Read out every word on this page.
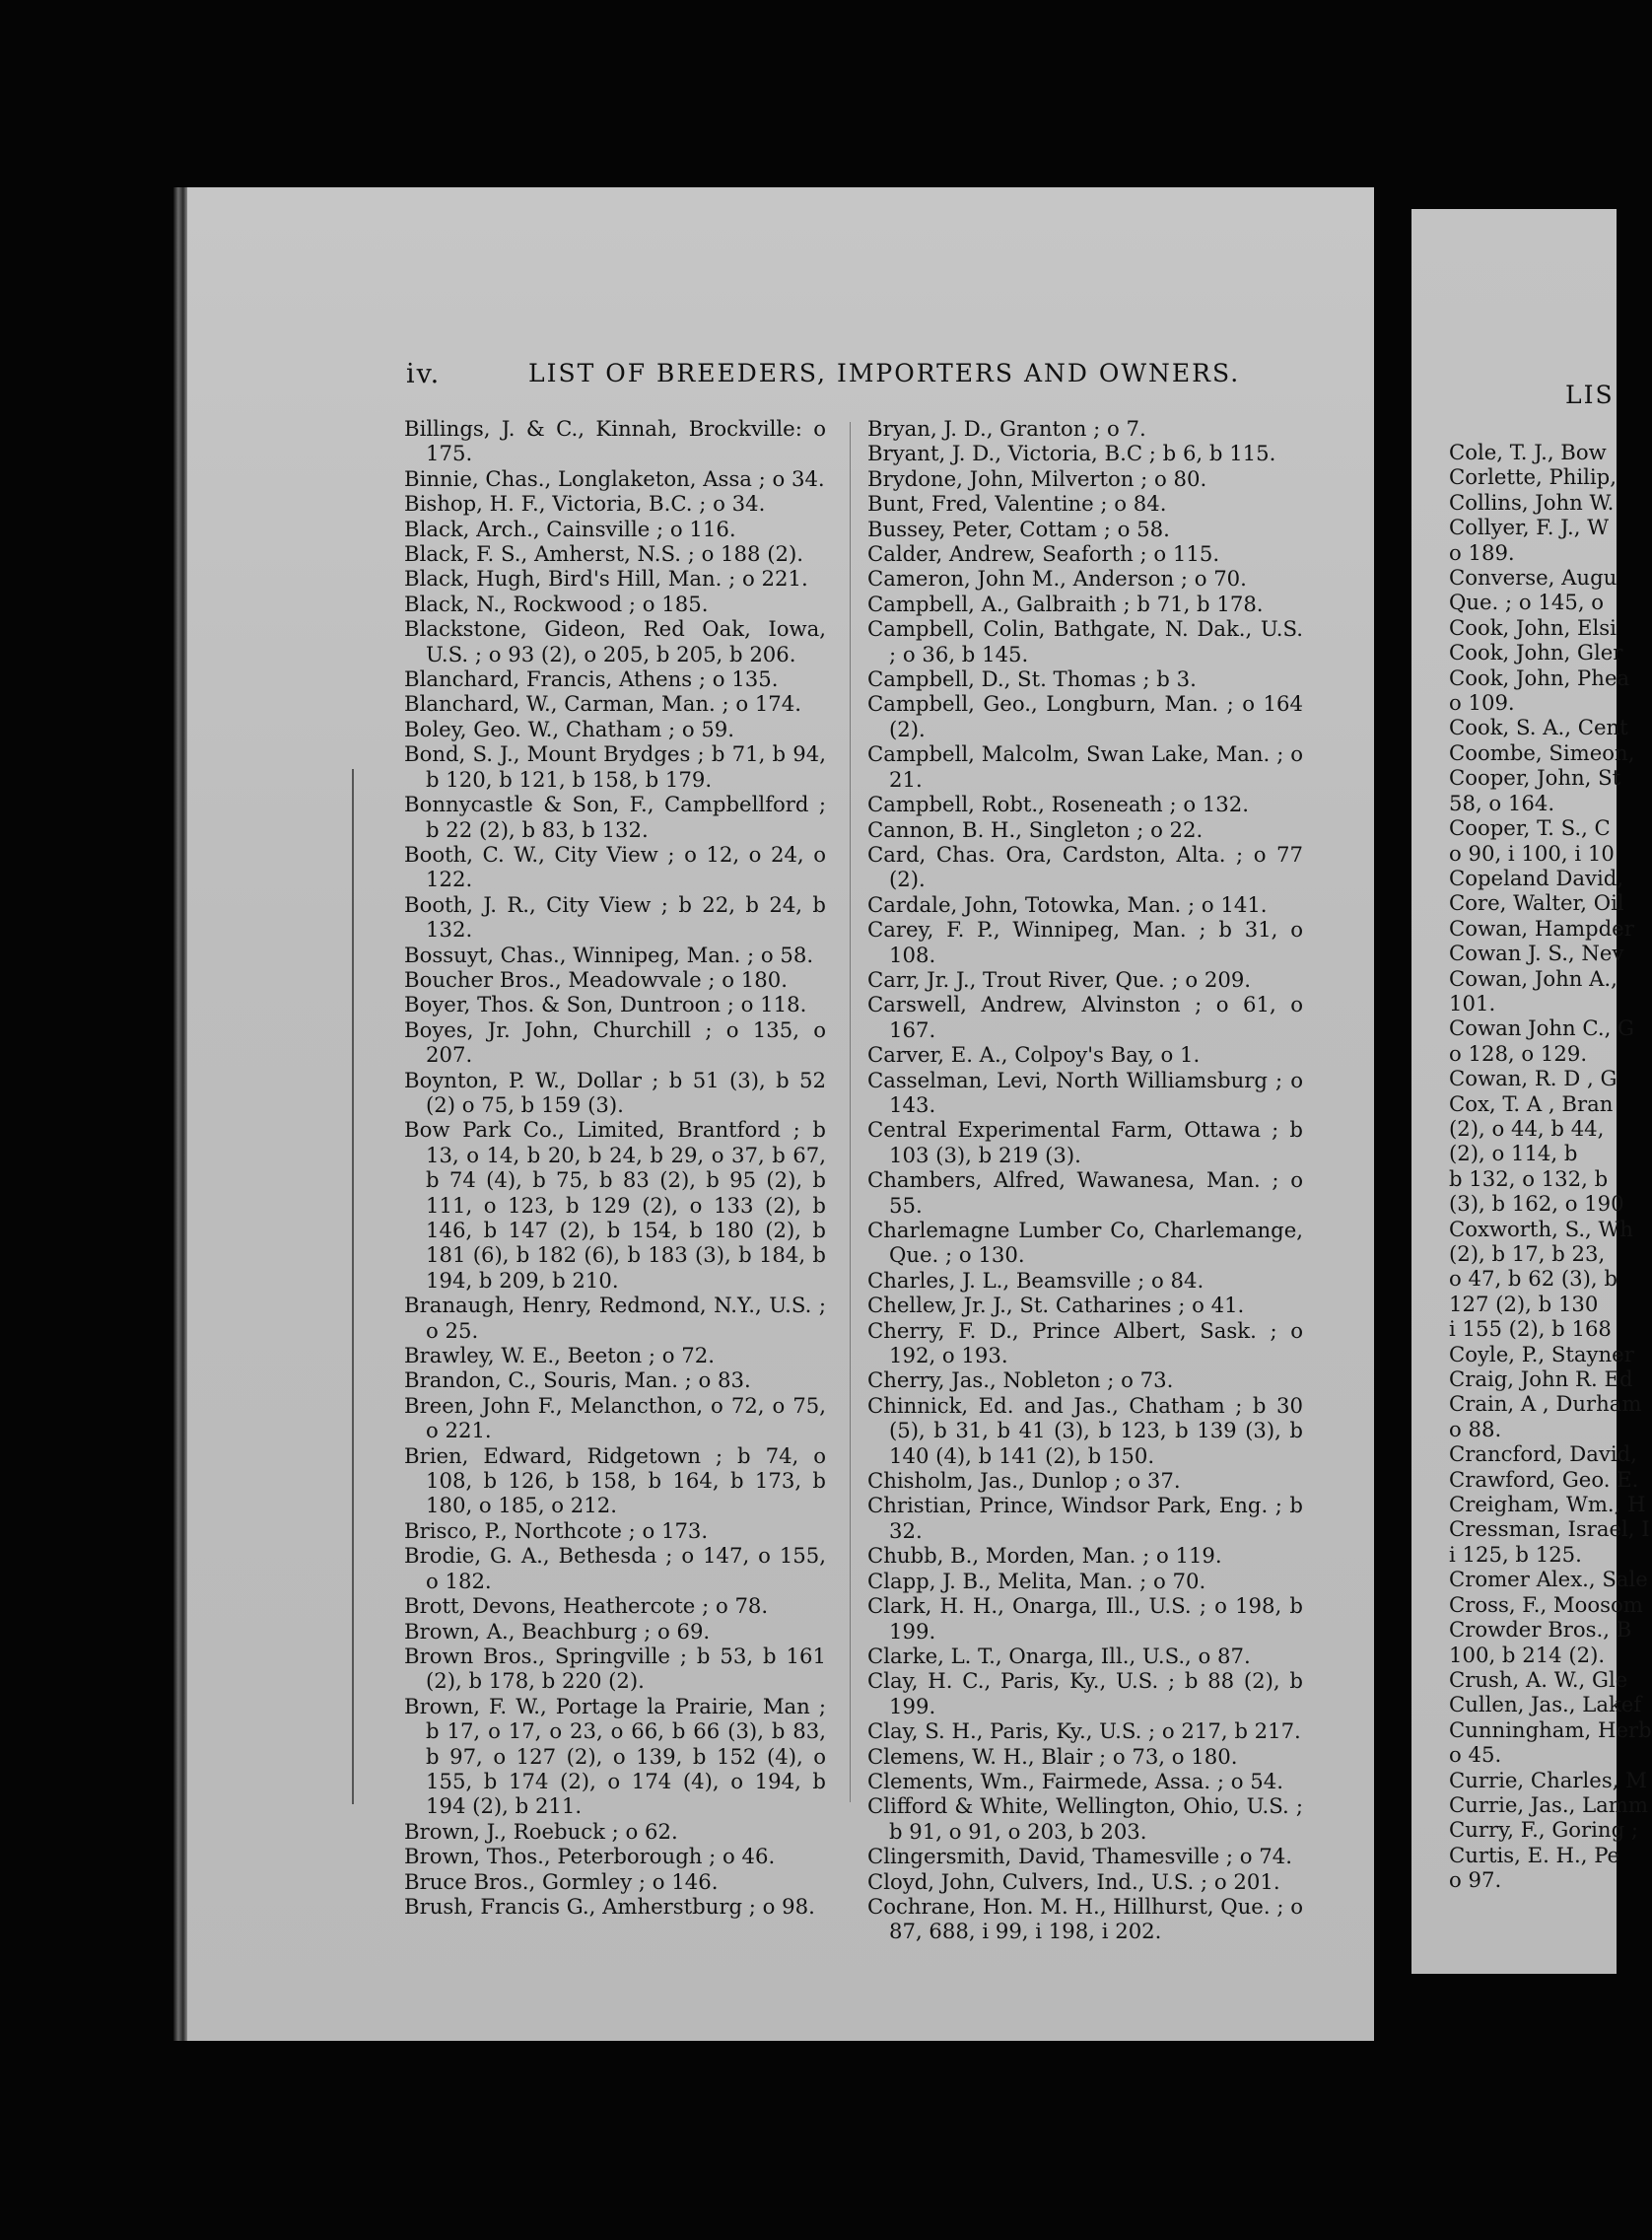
iv.	LIST OF BREEDERS, IMPORTERS AND OWNERS.

Billings, J. & C., Kinnah, Brockville: o 175.

Binnie, Chas., Longlaketon, Assa ; o 34.

Bishop, H. F., Victoria, B.C. ; o 34.

Black, Arch., Cainsville ; o 116.

Black, F. S., Amherst, N.S. ; o 188 (2).

Black, Hugh, Bird's Hill, Man. ; o 221.

Black, N., Rockwood ; o 185.

Blackstone, Gideon, Red Oak, Iowa, U.S. ; o 93 (2), o 205, b 205, b 206.

Blanchard, Francis, Athens ; o 135.

Blanchard, W., Carman, Man. ; o 174.

Boley, Geo. W., Chatham ; o 59.

Bond, S. J., Mount Brydges ; b 71, b 94, b 120, b 121, b 158, b 179.

Bonnycastle & Son, F., Campbellford ; b 22 (2), b 83, b 132.

Booth, C. W., City View ; o 12, o 24, o 122.

Booth, J. R., City View ; b 22, b 24, b 132.

Bossuyt, Chas., Winnipeg, Man. ; o 58.

Boucher Bros., Meadowvale ; o 180.

Boyer, Thos. & Son, Duntroon ; o 118.

Boyes, Jr. John, Churchill ; o 135, o 207.

Boynton, P. W., Dollar ; b 51 (3), b 52 (2) o 75, b 159 (3).

Bow Park Co., Limited, Brantford ; b 13, o 14, b 20, b 24, b 29, o 37, b 67, b 74 (4), b 75, b 83 (2), b 95 (2), b 111, o 123, b 129 (2), o 133 (2), b 146, b 147 (2), b 154, b 180 (2), b 181 (6), b 182 (6), b 183 (3), b 184, b 194, b 209, b 210.

Branaugh, Henry, Redmond, N.Y., U.S. ; o 25.

Brawley, W. E., Beeton ; o 72.

Brandon, C., Souris, Man. ; o 83.

Breen, John F., Melancthon, o 72, o 75, o 221.

Brien, Edward, Ridgetown ; b 74, o 108, b 126, b 158, b 164, b 173, b 180, o 185, o 212.

Brisco, P., Northcote ; o 173.

Brodie, G. A., Bethesda ; o 147, o 155, o 182.

Brott, Devons, Heathercote ; o 78.

Brown, A., Beachburg ; o 69.

Brown Bros., Springville ; b 53, b 161 (2), b 178, b 220 (2).

Brown, F. W., Portage la Prairie, Man ; b 17, o 17, o 23, o 66, b 66 (3), b 83, b 97, o 127 (2), o 139, b 152 (4), o 155, b 174 (2), o 174 (4), o 194, b 194 (2), b 211.

Brown, J., Roebuck ; o 62.

Brown, Thos., Peterborough ; o 46.

Bruce Bros., Gormley ; o 146.

Brush, Francis G., Amherstburg ; o 98.

Bryan, J. D., Granton ; o 7.

Bryant, J. D., Victoria, B.C ; b 6, b 115.

Brydone, John, Milverton ; o 80.

Bunt, Fred, Valentine ; o 84.

Bussey, Peter, Cottam ; o 58.

Calder, Andrew, Seaforth ; o 115.

Cameron, John M., Anderson ; o 70.

Campbell, A., Galbraith ; b 71, b 178.

Campbell, Colin, Bathgate, N. Dak., U.S. ; o 36, b 145.

Campbell, D., St. Thomas ; b 3.

Campbell, Geo., Longburn, Man. ; o 164 (2).

Campbell, Malcolm, Swan Lake, Man. ; o 21.

Campbell, Robt., Roseneath ; o 132.

Cannon, B. H., Singleton ; o 22.

Card, Chas. Ora, Cardston, Alta. ; o 77 (2).

Cardale, John, Totowka, Man. ; o 141.

Carey, F. P., Winnipeg, Man. ; b 31, o 108.

Carr, Jr. J., Trout River, Que. ; o 209.

Carswell, Andrew, Alvinston ; o 61, o 167.

Carver, E. A., Colpoy's Bay, o 1.

Casselman, Levi, North Williamsburg ; o 143.

Central Experimental Farm, Ottawa ; b 103 (3), b 219 (3).

Chambers, Alfred, Wawanesa, Man. ; o 55.

Charlemagne Lumber Co, Charlemange, Que. ; o 130.

Charles, J. L., Beamsville ; o 84.

Chellew, Jr. J., St. Catharines ; o 41.

Cherry, F. D., Prince Albert, Sask. ; o 192, o 193.

Cherry, Jas., Nobleton ; o 73.

Chinnick, Ed. and Jas., Chatham ; b 30 (5), b 31, b 41 (3), b 123, b 139 (3), b 140 (4), b 141 (2), b 150.

Chisholm, Jas., Dunlop ; o 37.

Christian, Prince, Windsor Park, Eng. ; b 32.

Chubb, B., Morden, Man. ; o 119.

Clapp, J. B., Melita, Man. ; o 70.

Clark, H. H., Onarga, Ill., U.S. ; o 198, b 199.

Clarke, L. T., Onarga, Ill., U.S., o 87.

Clay, H. C., Paris, Ky., U.S. ; b 88 (2), b 199.

Clay, S. H., Paris, Ky., U.S. ; o 217, b 217.

Clemens, W. H., Blair ; o 73, o 180.

Clements, Wm., Fairmede, Assa. ; o 54.

Clifford & White, Wellington, Ohio, U.S. ; b 91, o 91, o 203, b 203.

Clingersmith, David, Thamesville ; o 74.

Cloyd, John, Culvers, Ind., U.S. ; o 201.

Cochrane, Hon. M. H., Hillhurst, Que. ; o 87, 688, i 99, i 198, i 202.

LIS

Cole, T. J., Bow

Corlette, Philip,

Collins, John W.

Collyer, F. J., W

o 189.

Converse, Augu

Que. ; o 145, o

Cook, John, Elsi

Cook, John, Gler

Cook, John, Phea

o 109.

Cook, S. A., Cent

Coombe, Simeon,

Cooper, John, St

58, o 164.

Cooper, T. S., C

o 90, i 100, i 10

Copeland David,

Core, Walter, Oil

Cowan, Hampder

Cowan J. S., Nev

Cowan, John A.,

101.

Cowan John C., G

o 128, o 129.

Cowan, R. D , G

Cox, T. A , Bran

(2), o 44, b 44,

(2), o 114, b

b 132, o 132, b

(3), b 162, o 190

Coxworth, S., Wh

(2), b 17, b 23,

o 47, b 62 (3), b

127 (2), b 130

i 155 (2), b 168

Coyle, P., Stayner

Craig, John R. Ed

Crain, A , Durham

o 88.

Crancford, David,

Crawford, Geo. E.

Creigham, Wm., H

Cressman, Israel, I

i 125, b 125.

Cromer Alex., Sale

Cross, F., Moosom

Crowder Bros., B

100, b 214 (2).

Crush, A. W., Gle

Cullen, Jas., Lakef

Cunningham, Herb

o 45.

Currie, Charles, M

Currie, Jas., Lamm

Curry, F., Goring ;

Curtis, E. H., Pe

o 97.
